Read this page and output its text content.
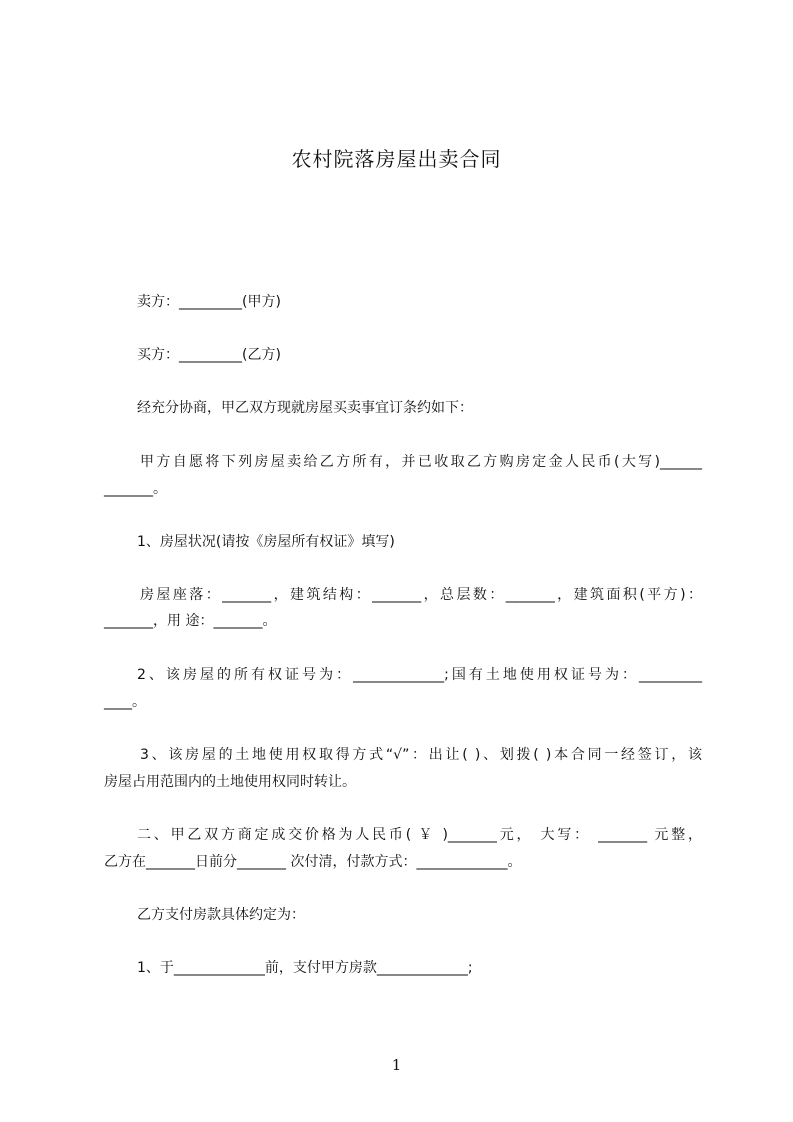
农村院落房屋出卖合同
卖方：_________(甲方)
买方：_________(乙方)
经充分协商，甲乙双方现就房屋买卖事宜订条约如下：
甲方自愿将下列房屋卖给乙方所有，并已收取乙方购房定金人民币(大写)______
_______。
1、房屋状况(请按《房屋所有权证》填写)
房屋座落：_______，建筑结构：_______，总层数：_______，建筑面积(平方)：
_______，用 途：_______。
2、该房屋的所有权证号为：_____________;国有土地使用权证号为：_________
____。
3、该房屋的土地使用权取得方式“√”：出让( )、划拨( )本合同一经签订，该
房屋占用范围内的土地使用权同时转让。
二、甲乙双方商定成交价格为人民币( ￥ )_______元， 大写： _______ 元整，
乙方在_______日前分_______ 次付清，付款方式：_____________。
乙方支付房款具体约定为：
1、于_____________前，支付甲方房款_____________;
1
